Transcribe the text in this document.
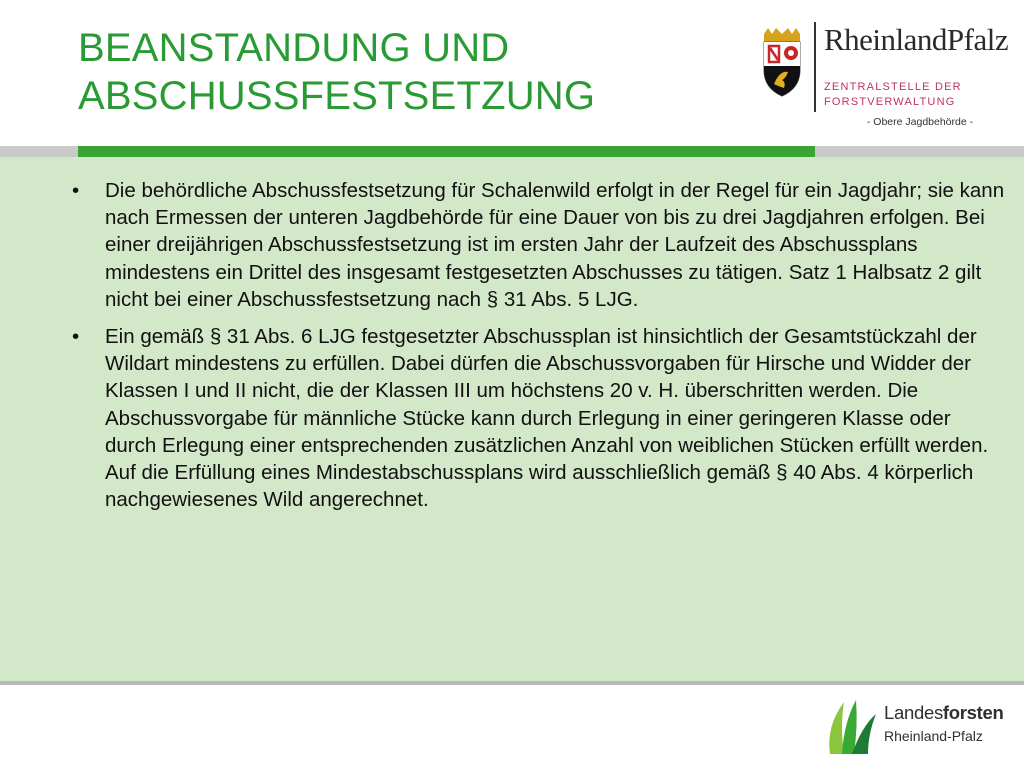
BEANSTANDUNG UND
ABSCHUSSFESTSETZUNG
RheinlandPfalz
ZENTRALSTELLE DER
FORSTVERWALTUNG
- Obere Jagdbehörde -
• Die behördliche Abschussfestsetzung für Schalenwild erfolgt in der Regel für ein Jagdjahr; sie kann nach Ermessen der unteren Jagdbehörde für eine Dauer von bis zu drei Jagdjahren erfolgen. Bei einer dreijährigen Abschussfestsetzung ist im ersten Jahr der Laufzeit des Abschussplans mindestens ein Drittel des insgesamt festgesetzten Abschusses zu tätigen. Satz 1 Halbsatz 2 gilt nicht bei einer Abschussfestsetzung nach § 31 Abs. 5 LJG.
• Ein gemäß § 31 Abs. 6 LJG festgesetzter Abschussplan ist hinsichtlich der Gesamtstückzahl der Wildart mindestens zu erfüllen. Dabei dürfen die Abschussvorgaben für Hirsche und Widder der Klassen I und II nicht, die der Klassen III um höchstens 20 v. H. überschritten werden. Die Abschussvorgabe für männliche Stücke kann durch Erlegung in einer geringeren Klasse oder durch Erlegung einer entsprechenden zusätzlichen Anzahl von weiblichen Stücken erfüllt werden. Auf die Erfüllung eines Mindestabschussplans wird ausschließlich gemäß § 40 Abs. 4 körperlich nachgewiesenes Wild angerechnet.
Landesforsten
Rheinland-Pfalz
